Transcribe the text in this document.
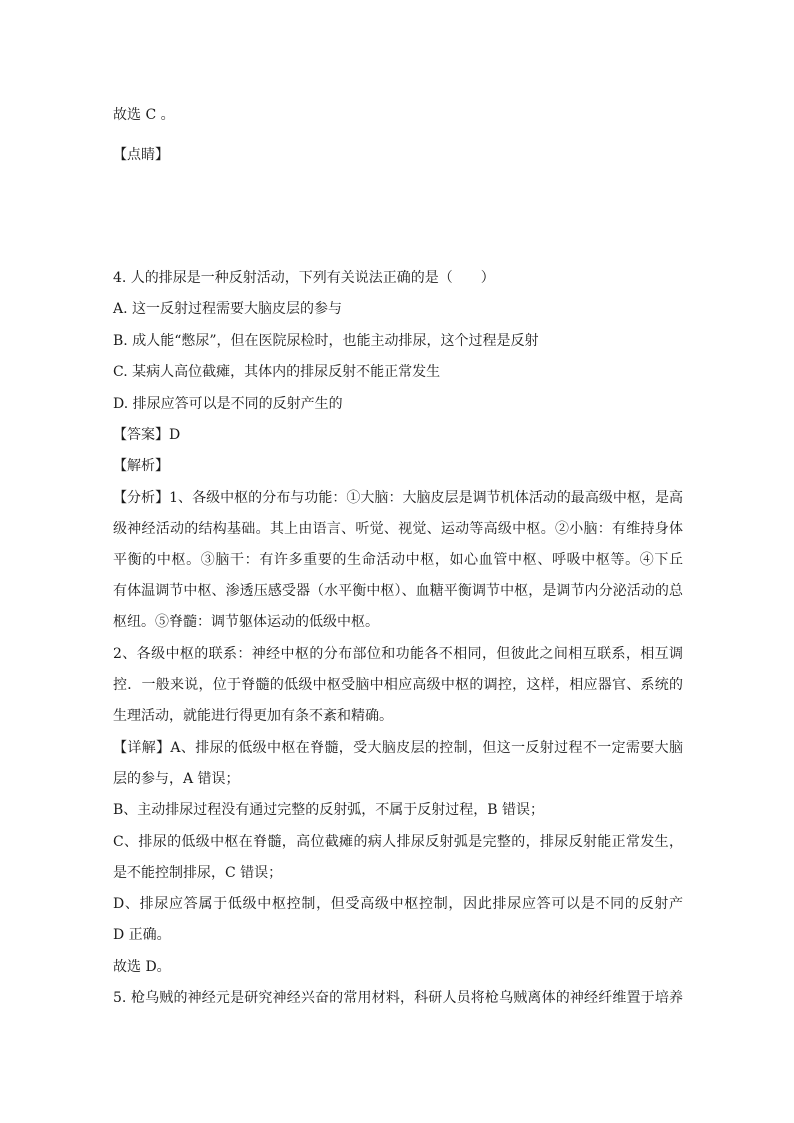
故选 C 。
【点睛】
4. 人的排尿是一种反射活动，下列有关说法正确的是（　　）
A. 这一反射过程需要大脑皮层的参与
B. 成人能“憋尿”，但在医院尿检时，也能主动排尿，这个过程是反射
C. 某病人高位截瘫，其体内的排尿反射不能正常发生
D. 排尿应答可以是不同的反射产生的
【答案】D
【解析】
【分析】1、各级中枢的分布与功能：①大脑：大脑皮层是调节机体活动的最高级中枢，是高
级神经活动的结构基础。其上由语言、听觉、视觉、运动等高级中枢。②小脑：有维持身体
平衡的中枢。③脑干：有许多重要的生命活动中枢，如心血管中枢、呼吸中枢等。④下丘
有体温调节中枢、渗透压感受器（水平衡中枢）、血糖平衡调节中枢，是调节内分泌活动的总
枢纽。⑤脊髓：调节躯体运动的低级中枢。
2、各级中枢的联系：神经中枢的分布部位和功能各不相同，但彼此之间相互联系，相互调
控．一般来说，位于脊髓的低级中枢受脑中相应高级中枢的调控，这样，相应器官、系统的
生理活动，就能进行得更加有条不紊和精确。
【详解】A、排尿的低级中枢在脊髓，受大脑皮层的控制，但这一反射过程不一定需要大脑
层的参与，A 错误；
B、主动排尿过程没有通过完整的反射弧，不属于反射过程，B 错误；
C、排尿的低级中枢在脊髓，高位截瘫的病人排尿反射弧是完整的，排尿反射能正常发生，
是不能控制排尿，C 错误；
D、排尿应答属于低级中枢控制，但受高级中枢控制，因此排尿应答可以是不同的反射产
D 正确。
故选 D。
5. 枪乌贼的神经元是研究神经兴奋的常用材料，科研人员将枪乌贼离体的神经纤维置于培养
